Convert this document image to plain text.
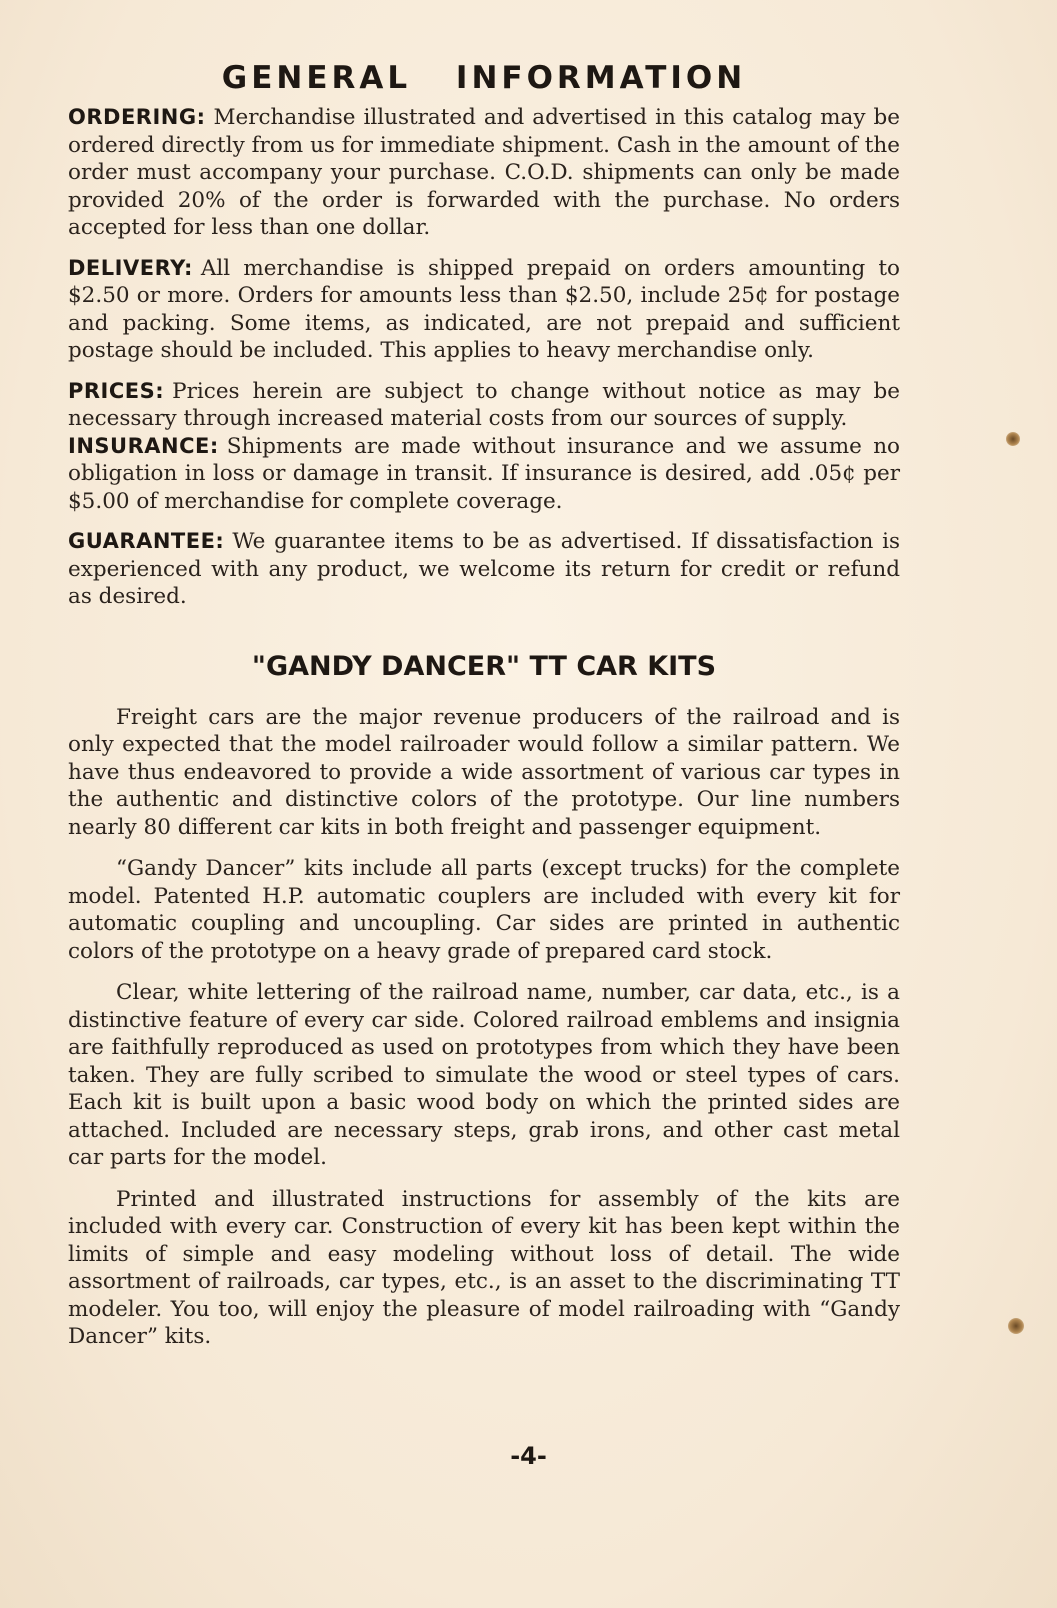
GENERAL INFORMATION

ORDERING: Merchandise illustrated and advertised in this catalog may be ordered directly from us for immediate shipment. Cash in the amount of the order must accompany your purchase. C.O.D. shipments can only be made provided 20% of the order is forwarded with the purchase. No orders accepted for less than one dollar.

DELIVERY: All merchandise is shipped prepaid on orders amounting to $2.50 or more. Orders for amounts less than $2.50, include 25¢ for postage and packing. Some items, as indicated, are not prepaid and sufficient postage should be included. This applies to heavy merchandise only.

PRICES: Prices herein are subject to change without notice as may be necessary through increased material costs from our sources of supply.

INSURANCE: Shipments are made without insurance and we assume no obligation in loss or damage in transit. If insurance is desired, add .05¢ per $5.00 of merchandise for complete coverage.

GUARANTEE: We guarantee items to be as advertised. If dissatisfaction is experienced with any product, we welcome its return for credit or refund as desired.

"GANDY DANCER" TT CAR KITS

Freight cars are the major revenue producers of the railroad and is only expected that the model railroader would follow a similar pattern. We have thus endeavored to provide a wide assortment of various car types in the authentic and distinctive colors of the prototype. Our line numbers nearly 80 different car kits in both freight and passenger equipment.

“Gandy Dancer” kits include all parts (except trucks) for the complete model. Patented H.P. automatic couplers are included with every kit for automatic coupling and uncoupling. Car sides are printed in authentic colors of the prototype on a heavy grade of prepared card stock.

Clear, white lettering of the railroad name, number, car data, etc., is a distinctive feature of every car side. Colored railroad emblems and insignia are faithfully reproduced as used on prototypes from which they have been taken. They are fully scribed to simulate the wood or steel types of cars. Each kit is built upon a basic wood body on which the printed sides are attached. Included are necessary steps, grab irons, and other cast metal car parts for the model.

Printed and illustrated instructions for assembly of the kits are included with every car. Construction of every kit has been kept within the limits of simple and easy modeling without loss of detail. The wide assortment of railroads, car types, etc., is an asset to the discriminating TT modeler. You too, will enjoy the pleasure of model railroading with “Gandy Dancer” kits.

-4-
